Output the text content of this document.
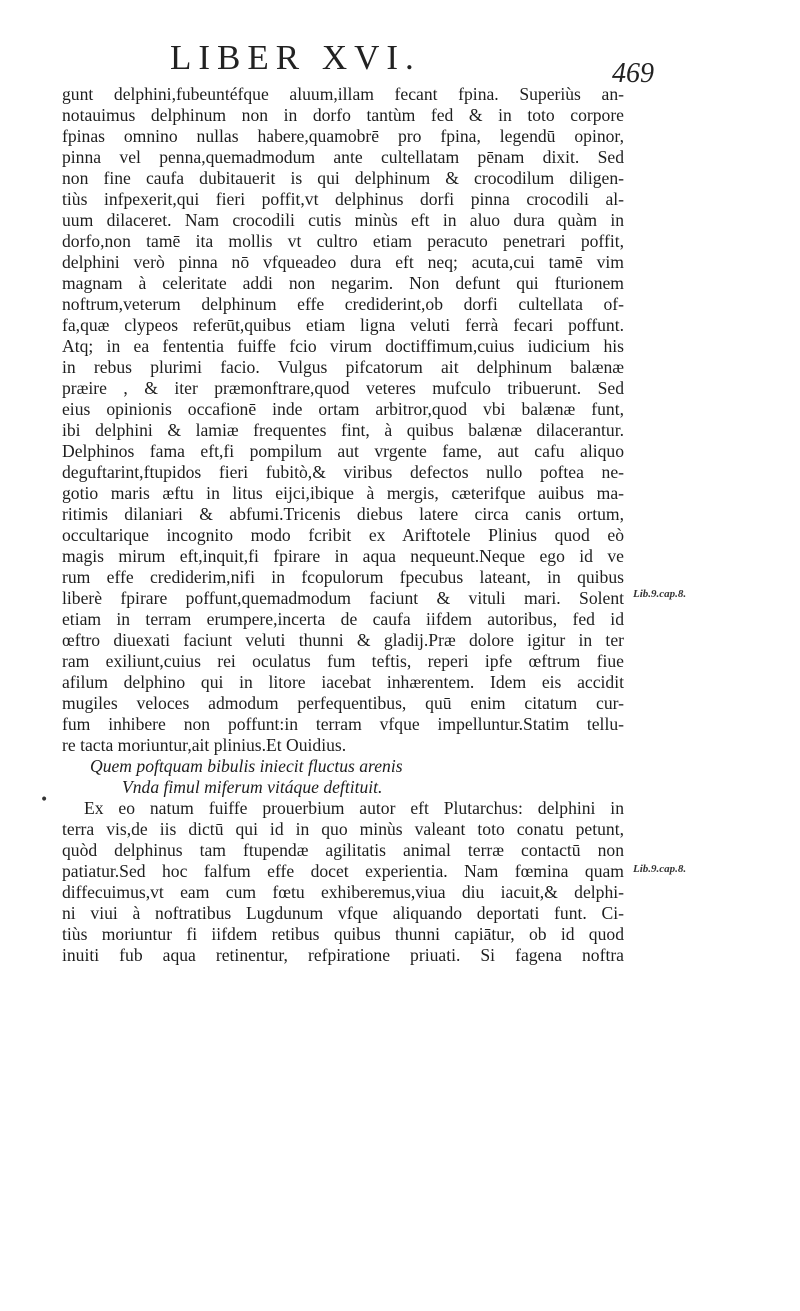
LIBER XVI.	469
Lib.9.cap.8.
Lib.9.cap.8.
•
gunt delphini,fubeuntéfque aluum,illam fecant fpina. Superiùs an-
notauimus delphinum non in dorfo tantùm fed & in toto corpore
fpinas omnino nullas habere,quamobrē pro fpina, legendū opinor,
pinna vel penna,quemadmodum ante cultellatam pēnam dixit. Sed
non fine caufa dubitauerit is qui delphinum & crocodilum diligen-
tiùs infpexerit,qui fieri poffit,vt delphinus dorfi pinna crocodili al-
uum dilaceret. Nam crocodili cutis minùs eft in aluo dura quàm in
dorfo,non tamē ita mollis vt cultro etiam peracuto penetrari poffit,
delphini verò pinna nō vfqueadeo dura eft neq; acuta,cui tamē vim
magnam à celeritate addi non negarim. Non defunt qui fturionem
noftrum,veterum delphinum effe crediderint,ob dorfi cultellata of-
fa,quæ clypeos referūt,quibus etiam ligna veluti ferrà fecari poffunt.
Atq; in ea fententia fuiffe fcio virum doctiffimum,cuius iudicium his
in rebus plurimi facio. Vulgus pifcatorum ait delphinum balænæ
præire , & iter præmonftrare,quod veteres mufculo tribuerunt. Sed
eius opinionis occafionē inde ortam arbitror,quod vbi balænæ funt,
ibi delphini & lamiæ frequentes fint, à quibus balænæ dilacerantur.
Delphinos fama eft,fi pompilum aut vrgente fame, aut cafu aliquo
deguftarint,ftupidos fieri fubitò,& viribus defectos nullo poftea ne-
gotio maris æftu in litus eijci,ibique à mergis, cæterifque auibus ma-
ritimis dilaniari & abfumi.Tricenis diebus latere circa canis ortum,
occultarique incognito modo fcribit ex Ariftotele Plinius quod eò
magis mirum eft,inquit,fi fpirare in aqua nequeunt.Neque ego id ve
rum effe crediderim,nifi in fcopulorum fpecubus lateant, in quibus
liberè fpirare poffunt,quemadmodum faciunt & vituli mari. Solent
etiam in terram erumpere,incerta de caufa iifdem autoribus, fed id
œftro diuexati faciunt veluti thunni & gladij.Præ dolore igitur in ter
ram exiliunt,cuius rei oculatus fum teftis, reperi ipfe œftrum fiue
afilum delphino qui in litore iacebat inhærentem. Idem eis accidit
mugiles veloces admodum perfequentibus, quū enim citatum cur-
fum inhibere non poffunt:in terram vfque impelluntur.Statim tellu-
re tacta moriuntur,ait plinius.Et Ouidius.
Quem poftquam bibulis iniecit fluctus arenis
Vnda fimul miferum vitáque deftituit.
Ex eo natum fuiffe prouerbium autor eft Plutarchus: delphini in
terra vis,de iis dictū qui id in quo minùs valeant toto conatu petunt,
quòd delphinus tam ftupendæ agilitatis animal terræ contactū non
patiatur.Sed hoc falfum effe docet experientia. Nam fœmina quam
diffecuimus,vt eam cum fœtu exhiberemus,viua diu iacuit,& delphi-
ni viui à noftratibus Lugdunum vfque aliquando deportati funt. Ci-
tiùs moriuntur fi iifdem retibus quibus thunni capiātur, ob id quod
inuiti fub aqua retinentur, refpiratione priuati. Si fagena noftra
